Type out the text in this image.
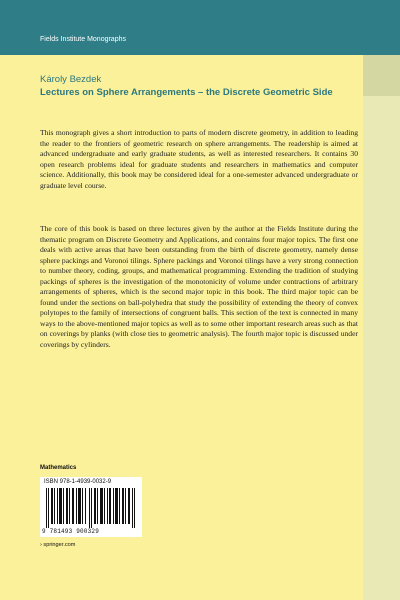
Fields Institute Monographs
Károly Bezdek
Lectures on Sphere Arrangements – the Discrete Geometric Side

This monograph gives a short introduction to parts of modern discrete geometry, in addition to leading the reader to the frontiers of geometric research on sphere arrangements. The readership is aimed at advanced undergraduate and early graduate students, as well as interested researchers. It contains 30 open research problems ideal for graduate students and researchers in mathematics and computer science. Additionally, this book may be considered ideal for a one-semester advanced undergraduate or graduate level course.

The core of this book is based on three lectures given by the author at the Fields Institute during the thematic program on Discrete Geometry and Applications, and contains four major topics. The first one deals with active areas that have been outstanding from the birth of discrete geometry, namely dense sphere packings and Voronoi tilings. Sphere packings and Voronoi tilings have a very strong connection to number theory, coding, groups, and mathematical programming. Extending the tradition of studying packings of spheres is the investigation of the monotonicity of volume under contractions of arbitrary arrangements of spheres, which is the second major topic in this book. The third major topic can be found under the sections on ball-polyhedra that study the possibility of extending the theory of convex polytopes to the family of intersections of congruent balls. This section of the text is connected in many ways to the above-mentioned major topics as well as to some other important research areas such as that on coverings by planks (with close ties to geometric analysis). The fourth major topic is discussed under coverings by cylinders.

Mathematics
ISBN 978-1-4939-0032-9
9 781493 900329
› springer.com
